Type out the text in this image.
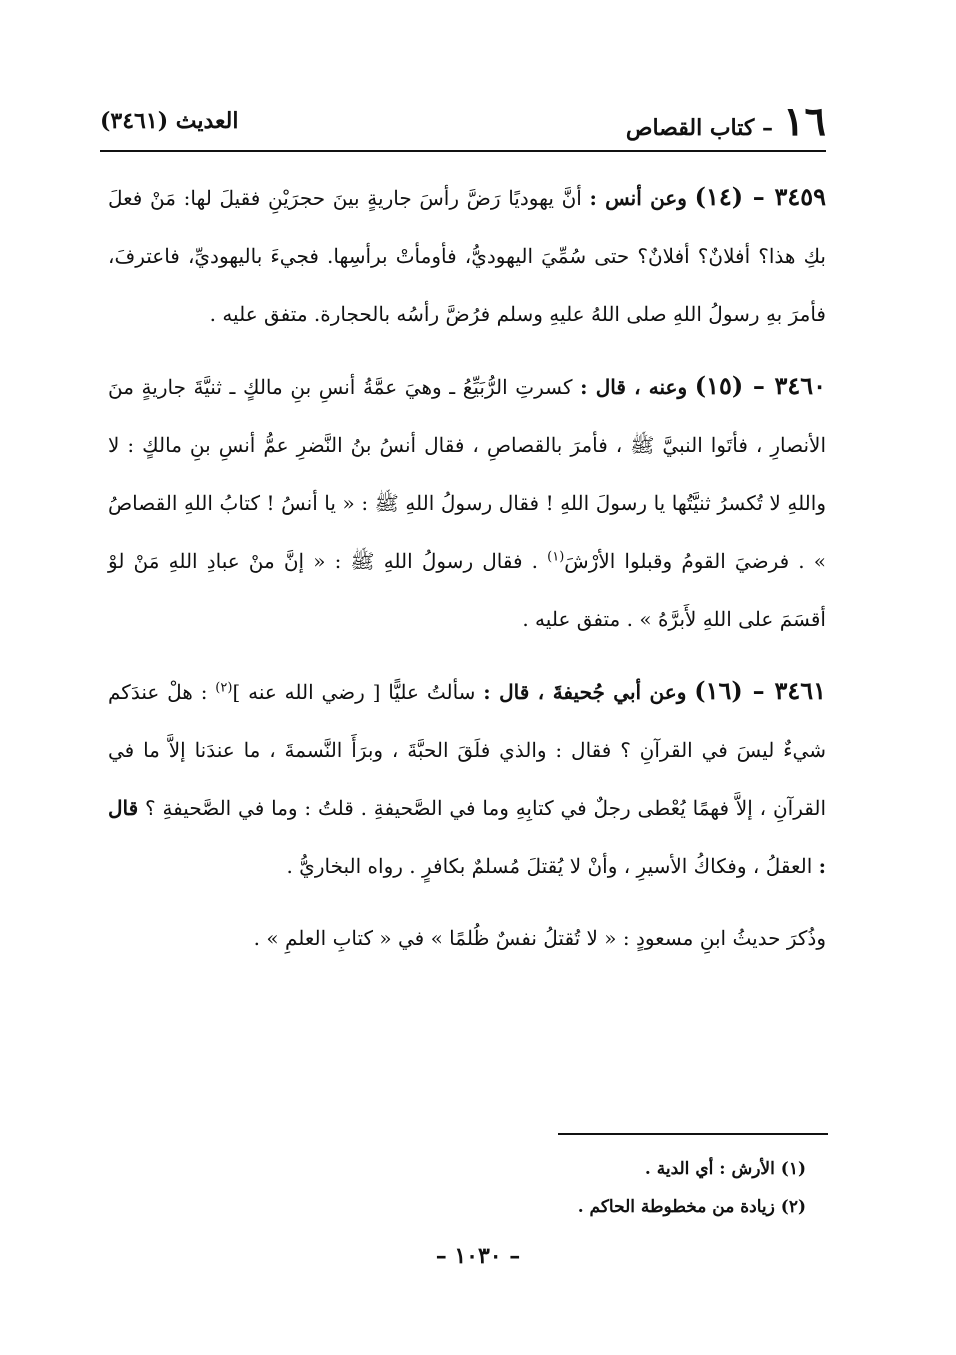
١٦
– كتاب القصاص
العديث (٣٤٦١)

٣٤٥٩ – (١٤) وعن أنس : أنَّ يهوديًا رَضَّ رأسَ جاريةٍ بينَ حجرَيْنِ فقيلَ لها: مَنْ فعلَ بكِ هذا؟ أفلانٌ؟ أفلانٌ؟ حتى سُمِّيَ اليهوديُّ، فأومأتْ برأسِها. فجيءَ باليهوديِّ، فاعترفَ، فأمرَ بهِ رسولُ اللهِ صلى اللهُ عليهِ وسلم فرُضَّ رأسُه بالحجارة. متفق عليه .

٣٤٦٠ – (١٥) وعنه ، قال : كسرتِ الرُّبَيِّعُ ـ وهيَ عمَّةُ أنسِ بنِ مالكٍ ـ ثنيَّةَ جاريةٍ منَ الأنصارِ ، فأتَوا النبيَّ ﷺ ، فأمرَ بالقصاصِ ، فقال أنسُ بنُ النَّضرِ عمُّ أنسِ بنِ مالكٍ : لا واللهِ لا تُكسرُ ثنيَّتُها يا رسولَ اللهِ ! فقال رسولُ اللهِ ﷺ : « يا أنسُ ! كتابُ اللهِ القصاصُ » . فرضيَ القومُ وقبلوا الأرْشَ$^{(١)}$ . فقال رسولُ اللهِ ﷺ : « إنَّ منْ عبادِ اللهِ مَنْ لوْ أقسَمَ على اللهِ لأَبرَّهُ » . متفق عليه .

٣٤٦١ – (١٦) وعن أبي جُحيفةَ ، قال : سألتُ عليًّا [ رضي الله عنه ]$^{(٢)}$ : هلْ عندَكم شيءٌ ليسَ في القرآنِ ؟ فقال : والذي فلَقَ الحبَّةَ ، وبرَأَ النَّسمةَ ، ما عندَنا إلاَّ ما في القرآنِ ، إلاَّ فهمًا يُعْطى رجلٌ في كتابِهِ وما في الصَّحيفةِ . قلتُ : وما في الصَّحيفةِ ؟ قال : العقلُ ، وفكاكُ الأسيرِ ، وأنْ لا يُقتلَ مُسلمٌ بكافرٍ . رواه البخاريُّ .

وذُكرَ حديثُ ابنِ مسعودٍ : « لا تُقتلُ نفسٌ ظُلمًا » في « كتابِ العلمِ » .

(١) الأرش : أي الدية .
(٢) زيادة من مخطوطة الحاكم .
– ١٠٣٠ –
